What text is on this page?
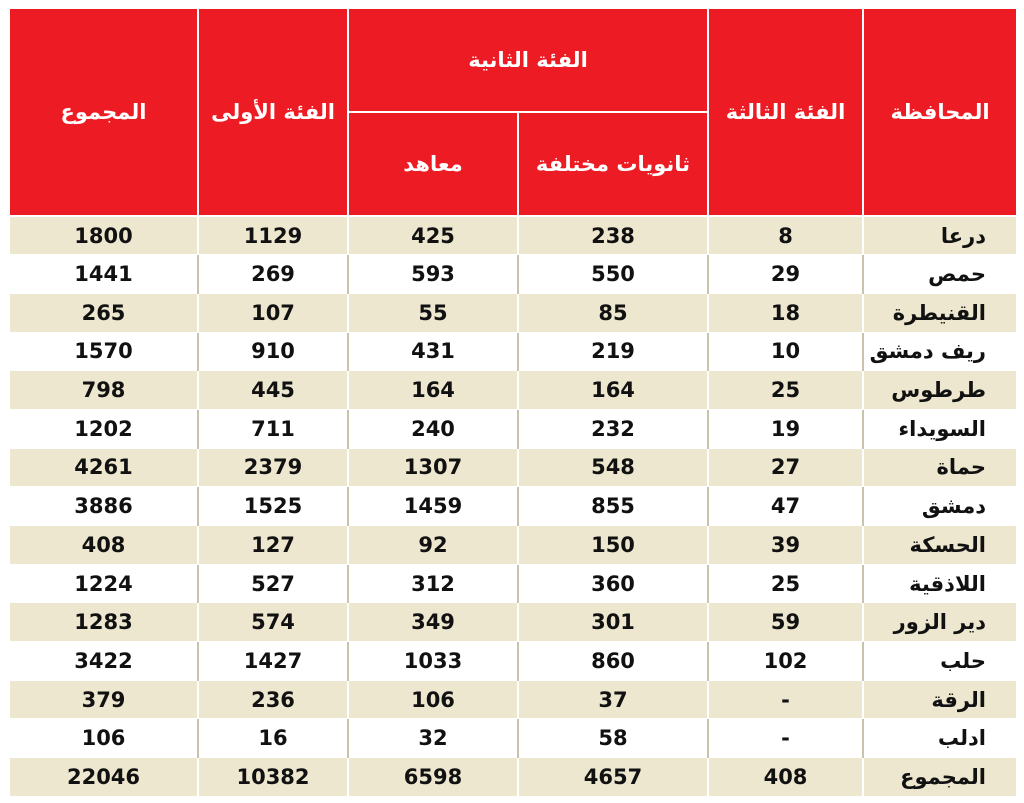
المجموع	الفئة الأولى	الفئة الثانية		الفئة الثالثة	المحافظة
		معاهد	ثانويات مختلفة		
1800	1129	425	238	8	درعا
1441	269	593	550	29	حمص
265	107	55	85	18	القنيطرة
1570	910	431	219	10	ريف دمشق
798	445	164	164	25	طرطوس
1202	711	240	232	19	السويداء
4261	2379	1307	548	27	حماة
3886	1525	1459	855	47	دمشق
408	127	92	150	39	الحسكة
1224	527	312	360	25	اللاذقية
1283	574	349	301	59	دير الزور
3422	1427	1033	860	102	حلب
379	236	106	37	-	الرقة
106	16	32	58	-	ادلب
22046	10382	6598	4657	408	المجموع
